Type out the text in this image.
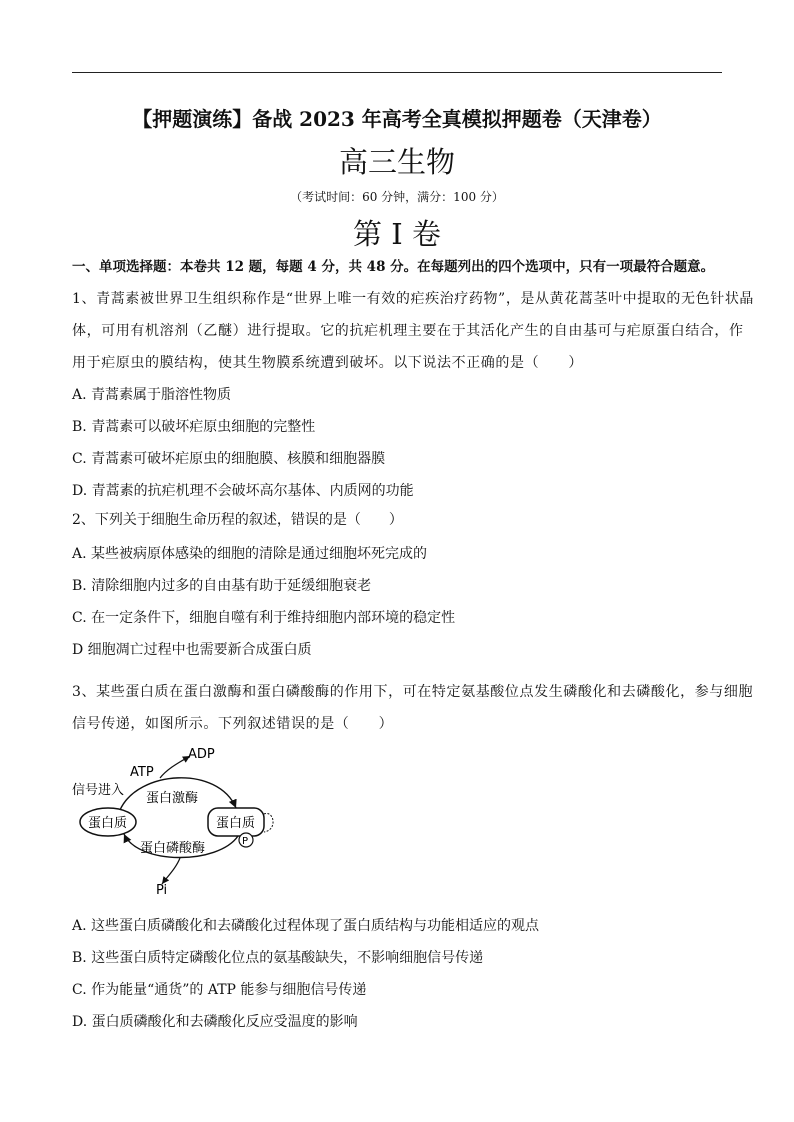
【押题演练】备战 2023 年高考全真模拟押题卷（天津卷）
高三生物
（考试时间：60 分钟，满分：100 分）
第 I 卷
一、单项选择题：本卷共 12 题，每题 4 分，共 48 分。在每题列出的四个选项中，只有一项最符合题意。
1、青蒿素被世界卫生组织称作是“世界上唯一有效的疟疾治疗药物”，是从黄花蒿茎叶中提取的无色针状晶
体，可用有机溶剂（乙醚）进行提取。它的抗疟机理主要在于其活化产生的自由基可与疟原蛋白结合，作
用于疟原虫的膜结构，使其生物膜系统遭到破坏。以下说法不正确的是（　　）
A. 青蒿素属于脂溶性物质
B. 青蒿素可以破坏疟原虫细胞的完整性
C. 青蒿素可破坏疟原虫的细胞膜、核膜和细胞器膜
D. 青蒿素的抗疟机理不会破坏高尔基体、内质网的功能
2、下列关于细胞生命历程的叙述，错误的是（　　）
A. 某些被病原体感染的细胞的清除是通过细胞坏死完成的
B. 清除细胞内过多的自由基有助于延缓细胞衰老
C. 在一定条件下，细胞自噬有利于维持细胞内部环境的稳定性
D 细胞凋亡过程中也需要新合成蛋白质
3、某些蛋白质在蛋白激酶和蛋白磷酸酶的作用下，可在特定氨基酸位点发生磷酸化和去磷酸化，参与细胞
信号传递，如图所示。下列叙述错误的是（　　）
ADP
ATP
信号进入
蛋白激酶
蛋白质	蛋白质
P
蛋白磷酸酶
Pi
A. 这些蛋白质磷酸化和去磷酸化过程体现了蛋白质结构与功能相适应的观点
B. 这些蛋白质特定磷酸化位点的氨基酸缺失，不影响细胞信号传递
C. 作为能量“通货”的 ATP 能参与细胞信号传递
D. 蛋白质磷酸化和去磷酸化反应受温度的影响
